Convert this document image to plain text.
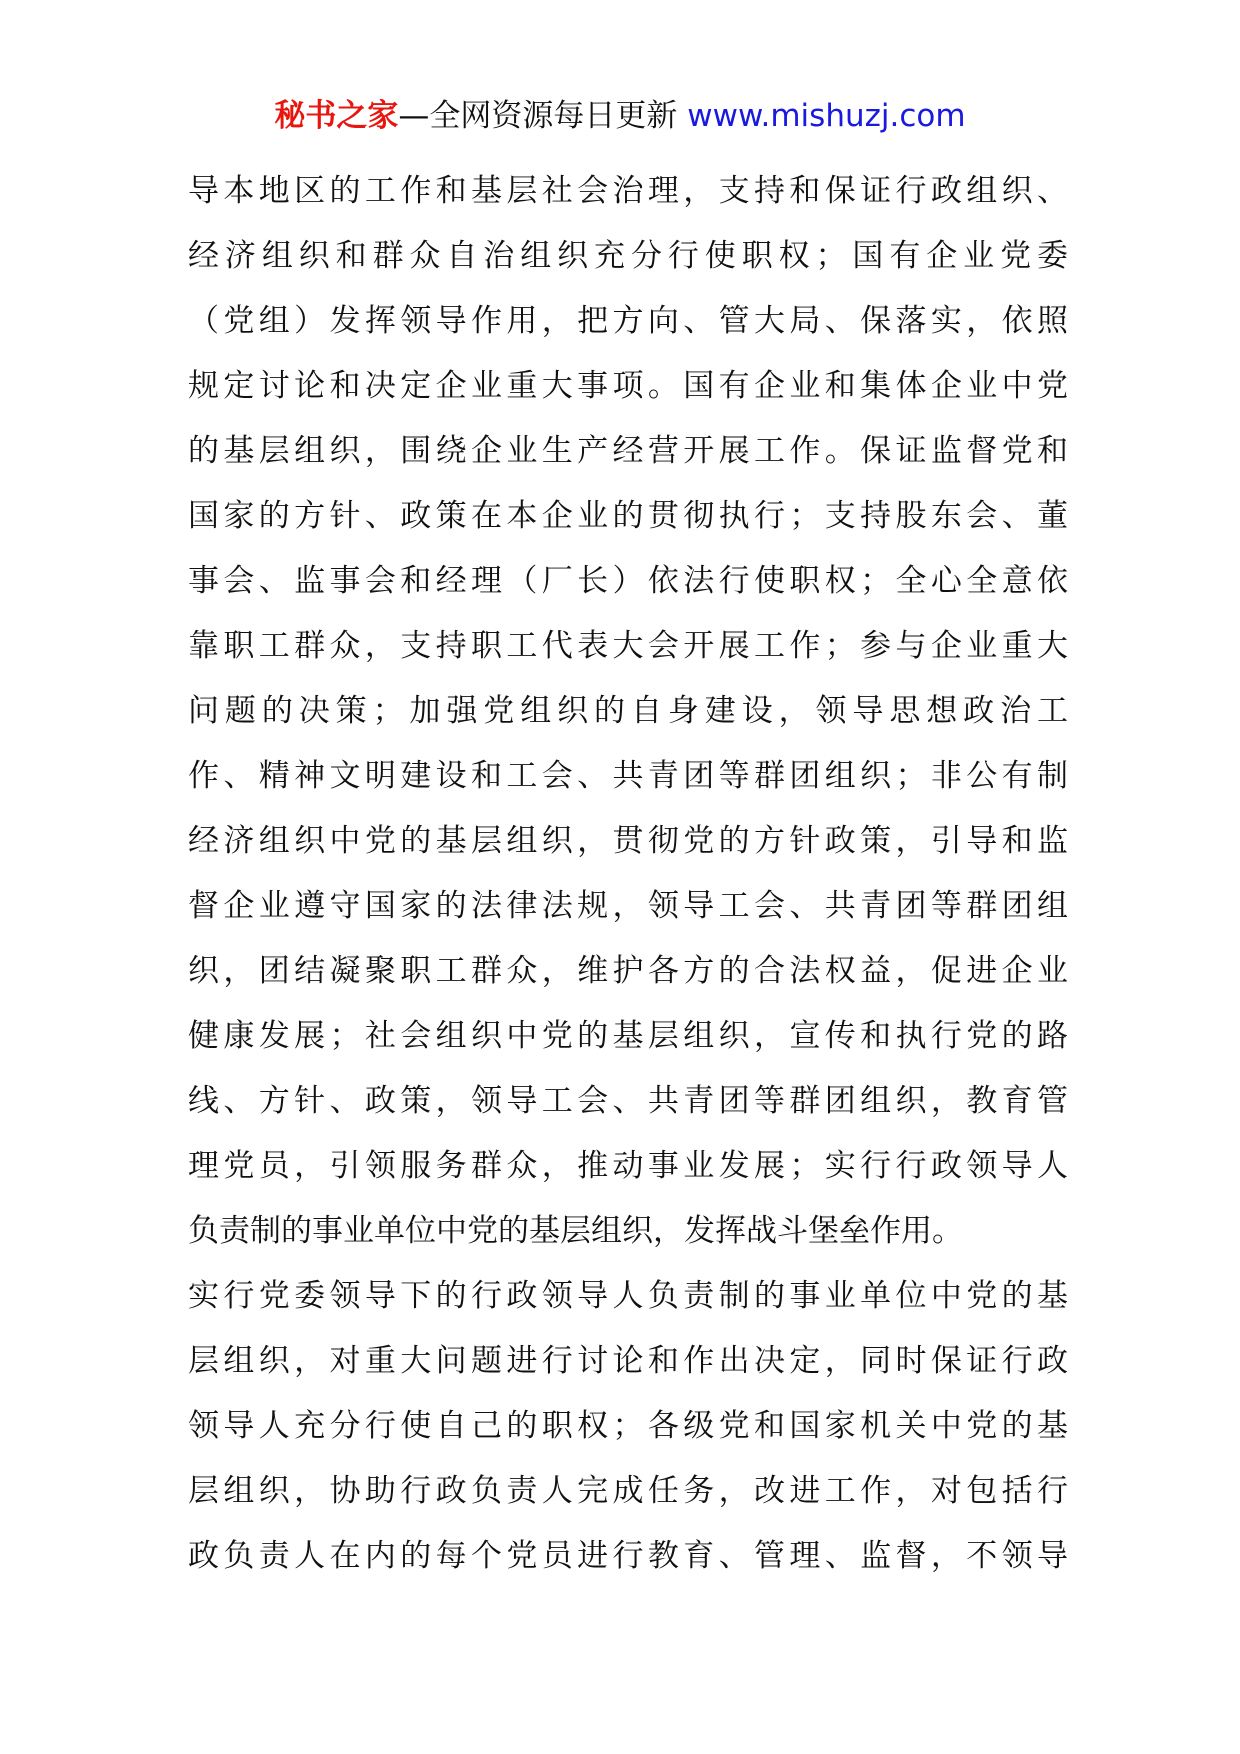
秘书之家—全网资源每日更新 www.mishuzj.com
导本地区的工作和基层社会治理，支持和保证行政组织、
经济组织和群众自治组织充分行使职权；国有企业党委
（党组）发挥领导作用，把方向、管大局、保落实，依照
规定讨论和决定企业重大事项。国有企业和集体企业中党
的基层组织，围绕企业生产经营开展工作。保证监督党和
国家的方针、政策在本企业的贯彻执行；支持股东会、董
事会、监事会和经理（厂长）依法行使职权；全心全意依
靠职工群众，支持职工代表大会开展工作；参与企业重大
问题的决策；加强党组织的自身建设，领导思想政治工
作、精神文明建设和工会、共青团等群团组织；非公有制
经济组织中党的基层组织，贯彻党的方针政策，引导和监
督企业遵守国家的法律法规，领导工会、共青团等群团组
织，团结凝聚职工群众，维护各方的合法权益，促进企业
健康发展；社会组织中党的基层组织，宣传和执行党的路
线、方针、政策，领导工会、共青团等群团组织，教育管
理党员，引领服务群众，推动事业发展；实行行政领导人
负责制的事业单位中党的基层组织，发挥战斗堡垒作用。
实行党委领导下的行政领导人负责制的事业单位中党的基
层组织，对重大问题进行讨论和作出决定，同时保证行政
领导人充分行使自己的职权；各级党和国家机关中党的基
层组织，协助行政负责人完成任务，改进工作，对包括行
政负责人在内的每个党员进行教育、管理、监督，不领导
